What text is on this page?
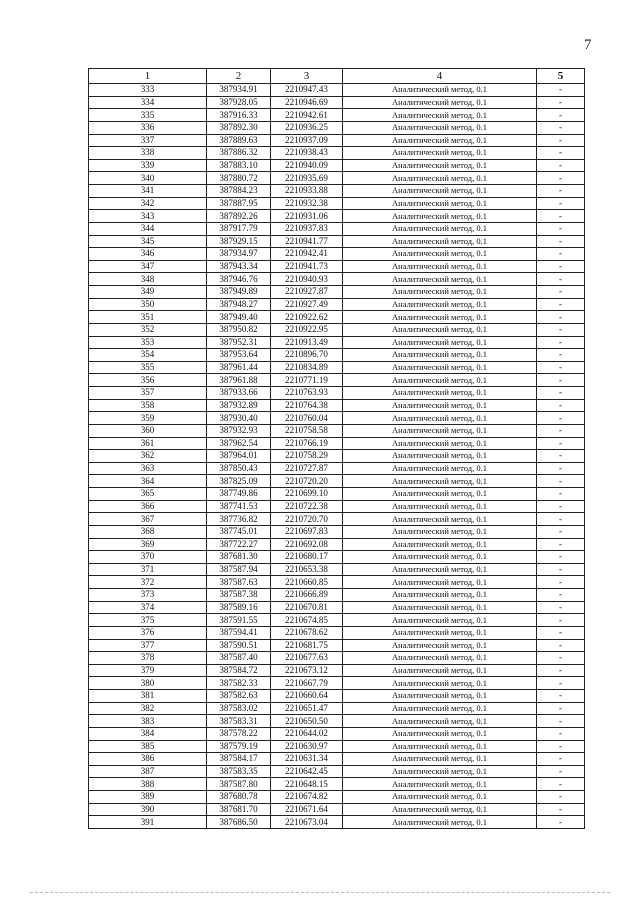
7
1	2	3	4	5
333	387934.91	2210947.43	Аналитический метод, 0.1	-
334	387928.05	2210946.69	Аналитический метод, 0.1	-
335	387916.33	2210942.61	Аналитический метод, 0.1	-
336	387892.30	2210936.25	Аналитический метод, 0.1	-
337	387889.63	2210937.09	Аналитический метод, 0.1	-
338	387886.32	2210938.43	Аналитический метод, 0.1	-
339	387883.10	2210940.09	Аналитический метод, 0.1	-
340	387880.72	2210935.69	Аналитический метод, 0.1	-
341	387884.23	2210933.88	Аналитический метод, 0.1	-
342	387887.95	2210932.38	Аналитический метод, 0.1	-
343	387892.26	2210931.06	Аналитический метод, 0.1	-
344	387917.79	2210937.83	Аналитический метод, 0.1	-
345	387929.15	2210941.77	Аналитический метод, 0.1	-
346	387934.97	2210942.41	Аналитический метод, 0.1	-
347	387943.34	2210941.73	Аналитический метод, 0.1	-
348	387946.76	2210940.93	Аналитический метод, 0.1	-
349	387949.89	2210927.87	Аналитический метод, 0.1	-
350	387948.27	2210927.49	Аналитический метод, 0.1	-
351	387949.40	2210922.62	Аналитический метод, 0.1	-
352	387950.82	2210922.95	Аналитический метод, 0.1	-
353	387952.31	2210913.49	Аналитический метод, 0.1	-
354	387953.64	2210896.70	Аналитический метод, 0.1	-
355	387961.44	2210834.89	Аналитический метод, 0.1	-
356	387961.88	2210771.19	Аналитический метод, 0.1	-
357	387933.66	2210763.93	Аналитический метод, 0.1	-
358	387932.89	2210764.38	Аналитический метод, 0.1	-
359	387930.40	2210760.04	Аналитический метод, 0.1	-
360	387932.93	2210758.58	Аналитический метод, 0.1	-
361	387962.54	2210766.19	Аналитический метод, 0.1	-
362	387964.01	2210758.29	Аналитический метод, 0.1	-
363	387850.43	2210727.87	Аналитический метод, 0.1	-
364	387825.09	2210720.20	Аналитический метод, 0.1	-
365	387749.86	2210699.10	Аналитический метод, 0.1	-
366	387741.53	2210722.38	Аналитический метод, 0.1	-
367	387736.82	2210720.70	Аналитический метод, 0.1	-
368	387745.01	2210697.83	Аналитический метод, 0.1	-
369	387722.27	2210692.08	Аналитический метод, 0.1	-
370	387681.30	2210680.17	Аналитический метод, 0.1	-
371	387587.94	2210653.38	Аналитический метод, 0.1	-
372	387587.63	2210660.85	Аналитический метод, 0.1	-
373	387587.38	2210666.89	Аналитический метод, 0.1	-
374	387589.16	2210670.81	Аналитический метод, 0.1	-
375	387591.55	2210674.85	Аналитический метод, 0.1	-
376	387594.41	2210678.62	Аналитический метод, 0.1	-
377	387590.51	2210681.75	Аналитический метод, 0.1	-
378	387587.40	2210677.63	Аналитический метод, 0.1	-
379	387584.72	2210673.12	Аналитический метод, 0.1	-
380	387582.33	2210667.79	Аналитический метод, 0.1	-
381	387582.63	2210660.64	Аналитический метод, 0.1	-
382	387583.02	2210651.47	Аналитический метод, 0.1	-
383	387583.31	2210650.50	Аналитический метод, 0.1	-
384	387578.22	2210644.02	Аналитический метод, 0.1	-
385	387579.19	2210630.97	Аналитический метод, 0.1	-
386	387584.17	2210631.34	Аналитический метод, 0.1	-
387	387583.35	2210642.45	Аналитический метод, 0.1	-
388	387587.80	2210648.15	Аналитический метод, 0.1	-
389	387680.78	2210674.82	Аналитический метод, 0.1	-
390	387681.70	2210671.64	Аналитический метод, 0.1	-
391	387686.50	2210673.04	Аналитический метод, 0.1	-
